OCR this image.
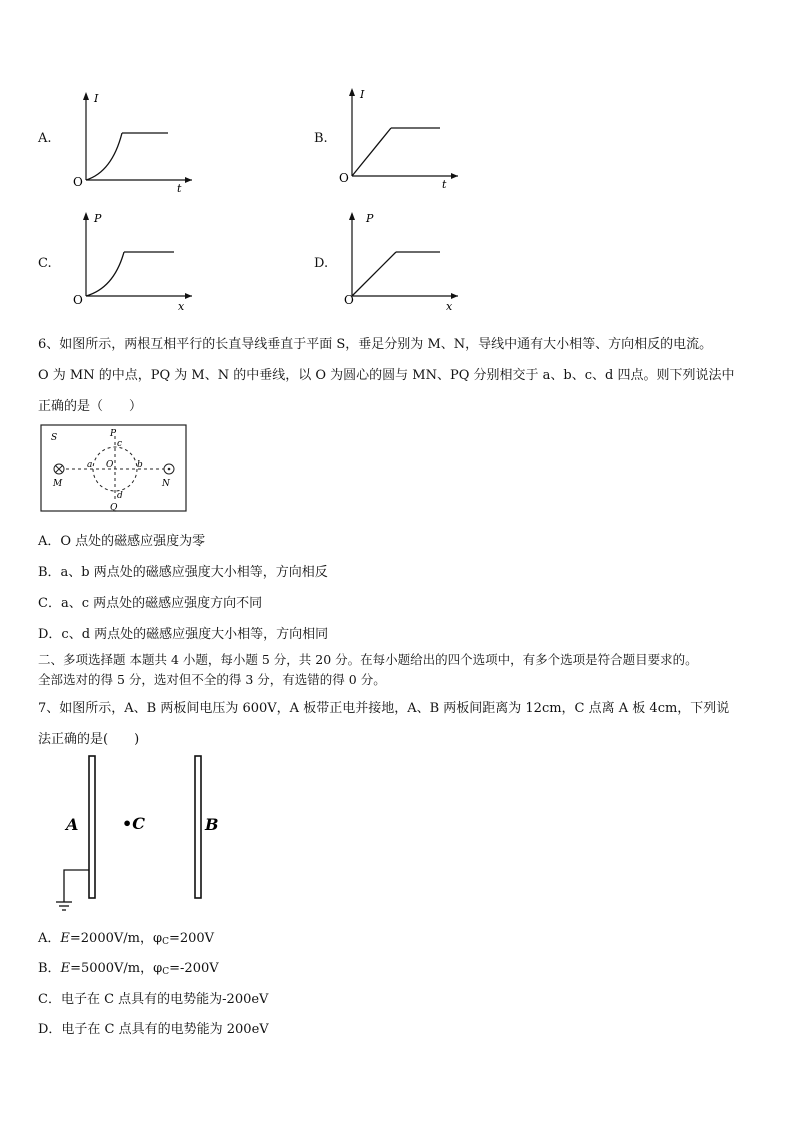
A.
I
O	t
B.
I
O	t
C.
P
O	x
D.
P
O	x
6、如图所示，两根互相平行的长直导线垂直于平面 S，垂足分别为 M、N，导线中通有大小相等、方向相反的电流。
O 为 MN 的中点，PQ 为 M、N 的中垂线，以 O 为圆心的圆与 MN、PQ 分别相交于 a、b、c、d 四点。则下列说法中
正确的是（　　）
S
M	N
P
Q
O
a	b
c
d
A．O 点处的磁感应强度为零
B．a、b 两点处的磁感应强度大小相等，方向相反
C．a、c 两点处的磁感应强度方向不同
D．c、d 两点处的磁感应强度大小相等，方向相同
二、多项选择题 本题共 4 小题，每小题 5 分，共 20 分。在每小题给出的四个选项中，有多个选项是符合题目要求的。
全部选对的得 5 分，选对但不全的得 3 分，有选错的得 0 分。
7、如图所示，A、B 两板间电压为 600V，A 板带正电并接地，A、B 两板间距离为 12cm，C 点离 A 板 4cm，下列说
法正确的是(　　)
A	•C	B
A．E=2000V/m，$\varphi_C=200V$
B．E=5000V/m，$\varphi_C=-200V$
C．电子在 C 点具有的电势能为-200eV
D．电子在 C 点具有的电势能为 200eV
